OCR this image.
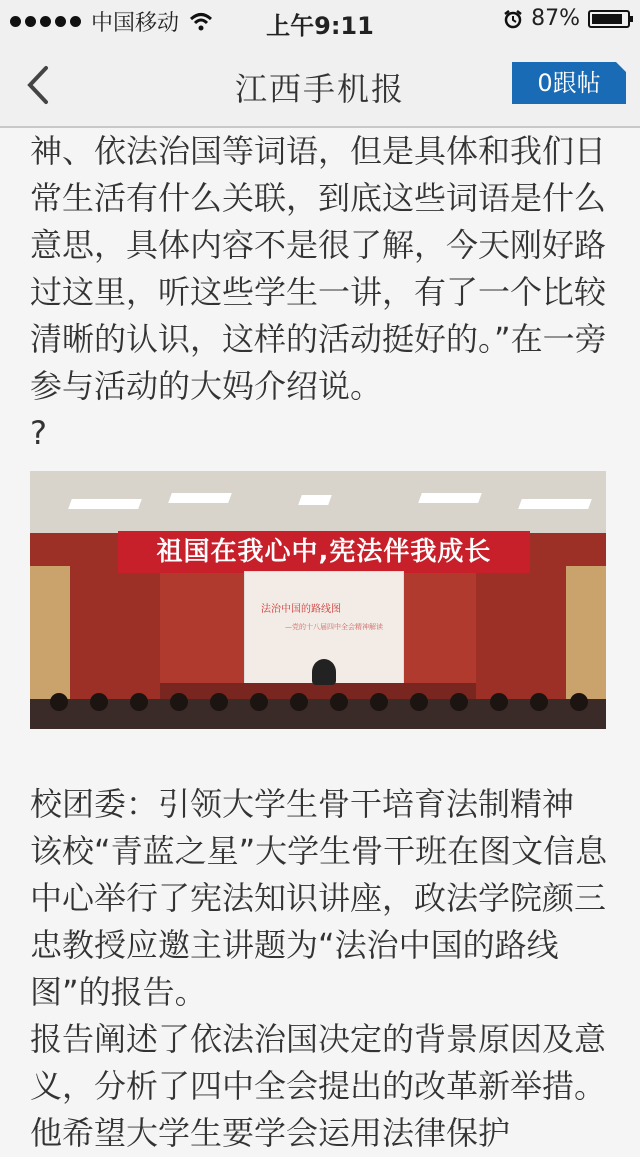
中国移动	上午9:11	87%
江西手机报	0跟帖

神、依法治国等词语，但是具体和我们日常生活有什么关联，到底这些词语是什么意思，具体内容不是很了解，今天刚好路过这里，听这些学生一讲，有了一个比较清晰的认识，这样的活动挺好的。”在一旁参与活动的大妈介绍说。

?

祖国在我心中,宪法伴我成长
法治中国的路线图
—党的十八届四中全会精神解读

校团委：引领大学生骨干培育法制精神

该校“青蓝之星”大学生骨干班在图文信息中心举行了宪法知识讲座，政法学院颜三忠教授应邀主讲题为“法治中国的路线图”的报告。

报告阐述了依法治国决定的背景原因及意义，分析了四中全会提出的改革新举措。他希望大学生要学会运用法律保护
